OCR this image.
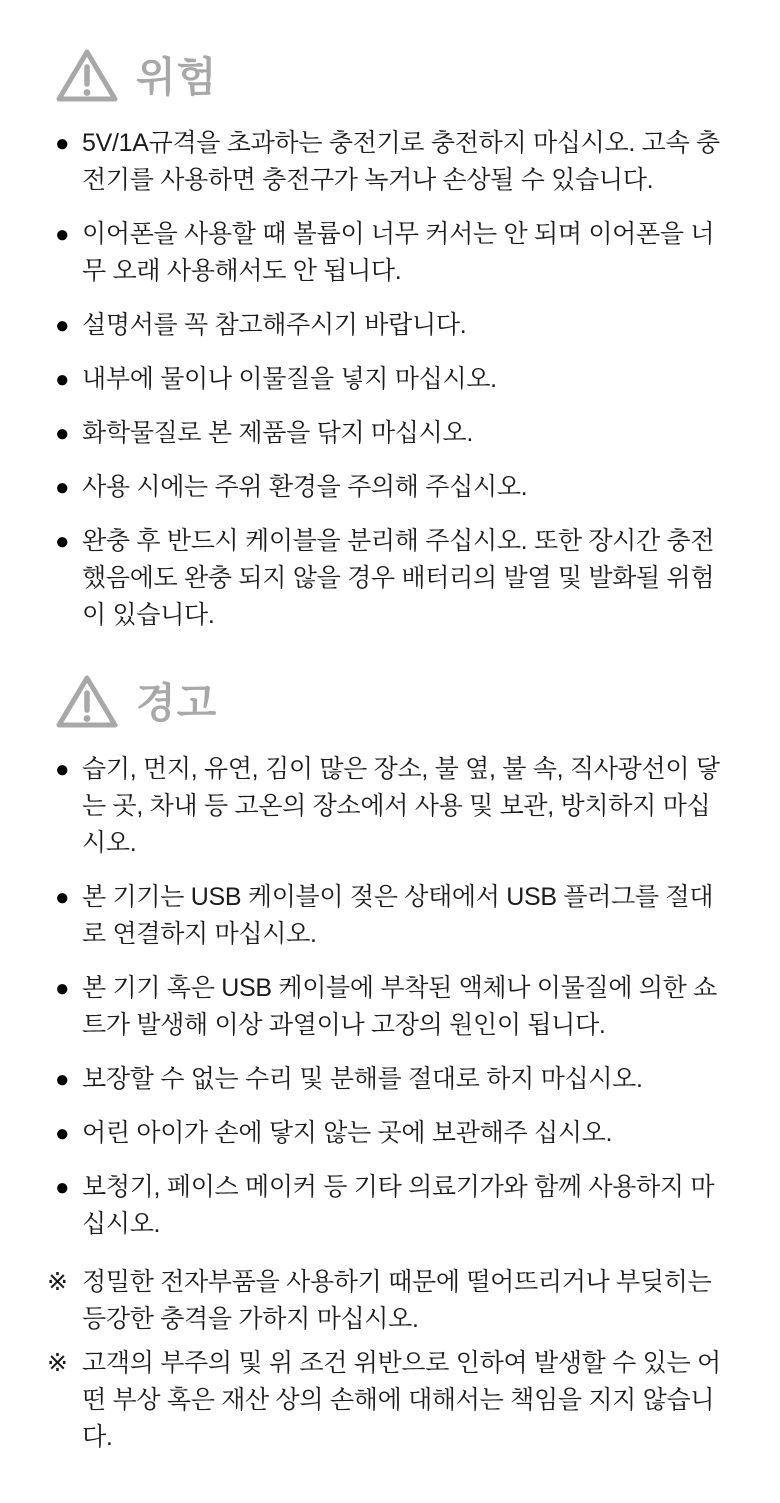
위험
● 5V/1A규격을 초과하는 충전기로 충전하지 마십시오. 고속 충전기를 사용하면 충전구가 녹거나 손상될 수 있습니다.
● 이어폰을 사용할 때 볼륨이 너무 커서는 안 되며 이어폰을 너무 오래 사용해서도 안 됩니다.
● 설명서를 꼭 참고해주시기 바랍니다.
● 내부에 물이나 이물질을 넣지 마십시오.
● 화학물질로 본 제품을 닦지 마십시오.
● 사용 시에는 주위 환경을 주의해 주십시오.
● 완충 후 반드시 케이블을 분리해 주십시오. 또한 장시간 충전했음에도 완충 되지 않을 경우 배터리의 발열 및 발화될 위험이 있습니다.
경고
● 습기, 먼지, 유연, 김이 많은 장소, 불 옆, 불 속, 직사광선이 닿는 곳, 차내 등 고온의 장소에서 사용 및 보관, 방치하지 마십시오.
● 본 기기는 USB 케이블이 젖은 상태에서 USB 플러그를 절대로 연결하지 마십시오.
● 본 기기 혹은 USB 케이블에 부착된 액체나 이물질에 의한 쇼트가 발생해 이상 과열이나 고장의 원인이 됩니다.
● 보장할 수 없는 수리 및 분해를 절대로 하지 마십시오.
● 어린 아이가 손에 닿지 않는 곳에 보관해주 십시오.
● 보청기, 페이스 메이커 등 기타 의료기가와 함께 사용하지 마십시오.
※ 정밀한 전자부품을 사용하기 때문에 떨어뜨리거나 부딪히는 등강한 충격을 가하지 마십시오.
※ 고객의 부주의 및 위 조건 위반으로 인하여 발생할 수 있는 어떤 부상 혹은 재산 상의 손해에 대해서는 책임을 지지 않습니다.
